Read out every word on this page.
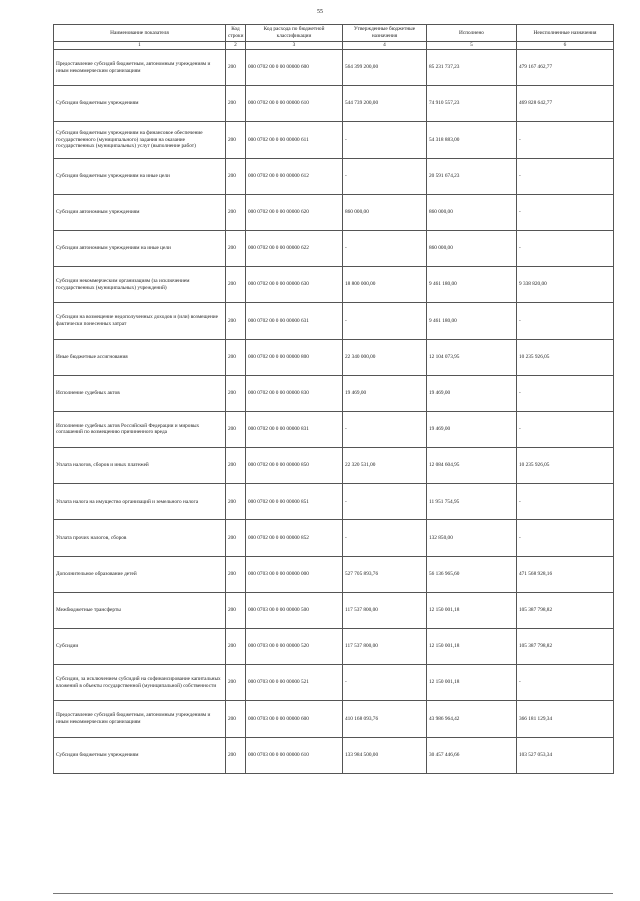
55
Наименование показателя	Код строки	Код расхода по бюджетной классификации	Утвержденные бюджетные назначения	Исполнено	Неисполненные назначения
1	2	3	4	5	6
Предоставление субсидий бюджетным, автономным учреждениям и иным некоммерческим организациям	200	000 0702 00 0 00 00000 600	564 399 200,00	85 231 737,23	479 167 462,77
Субсидии бюджетным учреждениям	200	000 0702 00 0 00 00000 610	544 739 200,00	74 910 557,23	469 828 642,77
Субсидии бюджетным учреждениям на финансовое обеспечение государственного (муниципального) задания на оказание государственных (муниципальных) услуг (выполнение работ)	200	000 0702 00 0 00 00000 611	-	54 318 883,00	-
Субсидии бюджетным учреждениям на иные цели	200	000 0702 00 0 00 00000 612	-	20 591 674,23	-
Субсидии автономным учреждениям	200	000 0702 00 0 00 00000 620	860 000,00	860 000,00	-
Субсидии автономным учреждениям на иные цели	200	000 0702 00 0 00 00000 622	-	860 000,00	-
Субсидии некоммерческим организациям (за исключением государственных (муниципальных) учреждений)	200	000 0702 00 0 00 00000 630	18 800 000,00	9 461 180,00	9 338 820,00
Субсидии на возмещение недополученных доходов и (или) возмещение фактически понесенных затрат	200	000 0702 00 0 00 00000 631	-	9 461 180,00	-
Иные бюджетные ассигнования	200	000 0702 00 0 00 00000 800	22 340 000,00	12 104 073,95	10 235 926,05
Исполнение судебных актов	200	000 0702 00 0 00 00000 830	19 469,00	19 469,00	-
Исполнение судебных актов Российской Федерации и мировых соглашений по возмещению причиненного вреда	200	000 0702 00 0 00 00000 831	-	19 469,00	-
Уплата налогов, сборов и иных платежей	200	000 0702 00 0 00 00000 850	22 320 531,00	12 084 604,95	10 235 926,05
Уплата налога на имущество организаций и земельного налога	200	000 0702 00 0 00 00000 851	-	11 951 754,95	-
Уплата прочих налогов, сборов	200	000 0702 00 0 00 00000 852	-	132 850,00	-
Дополнительное образование детей	200	000 0703 00 0 00 00000 000	527 705 893,76	56 136 965,60	471 568 928,16
Межбюджетные трансферты	200	000 0703 00 0 00 00000 500	117 537 800,00	12 150 001,18	105 387 798,82
Субсидии	200	000 0703 00 0 00 00000 520	117 537 800,00	12 150 001,18	105 387 798,82
Субсидии, за исключением субсидий на софинансирование капитальных вложений в объекты государственной (муниципальной) собственности	200	000 0703 00 0 00 00000 521	-	12 150 001,18	-
Предоставление субсидий бюджетным, автономным учреждениям и иным некоммерческим организациям	200	000 0703 00 0 00 00000 600	410 168 093,76	43 986 964,42	366 181 129,34
Субсидии бюджетным учреждениям	200	000 0703 00 0 00 00000 610	133 984 500,00	30 457 446,66	103 527 053,34
